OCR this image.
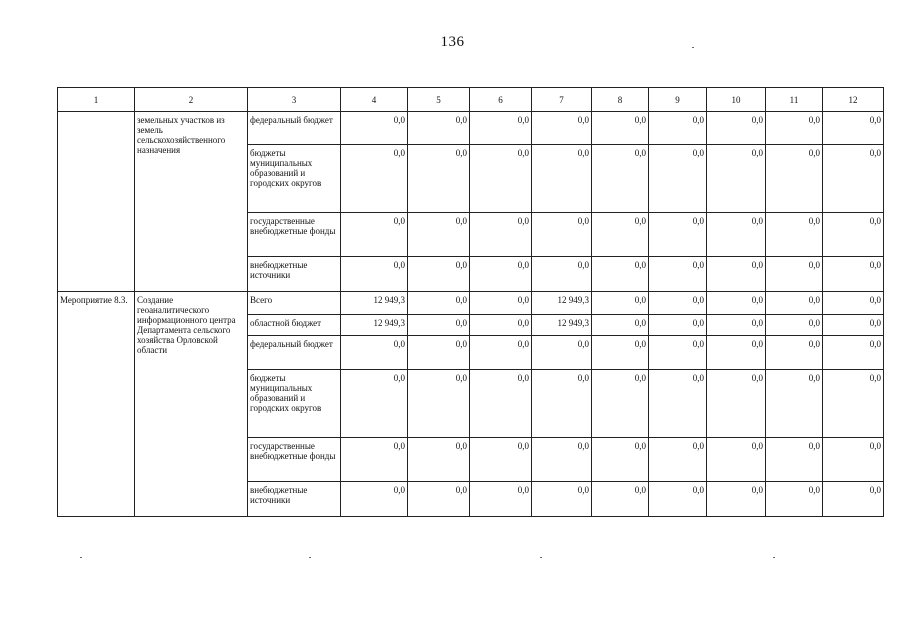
136
1	2	3	4	5	6	7	8	9	10	11	12
	земельных участков из земель сельскохозяйственного назначения	федеральный бюджет	0,0	0,0	0,0	0,0	0,0	0,0	0,0	0,0	0,0
		бюджеты муниципальных образований и городских округов	0,0	0,0	0,0	0,0	0,0	0,0	0,0	0,0	0,0
		государственные внебюджетные фонды	0,0	0,0	0,0	0,0	0,0	0,0	0,0	0,0	0,0
		внебюджетные источники	0,0	0,0	0,0	0,0	0,0	0,0	0,0	0,0	0,0
Мероприятие 8.3.	Создание геоаналитического информационного центра Департамента сельского хозяйства Орловской области	Всего	12 949,3	0,0	0,0	12 949,3	0,0	0,0	0,0	0,0	0,0
		областной бюджет	12 949,3	0,0	0,0	12 949,3	0,0	0,0	0,0	0,0	0,0
		федеральный бюджет	0,0	0,0	0,0	0,0	0,0	0,0	0,0	0,0	0,0
		бюджеты муниципальных образований и городских округов	0,0	0,0	0,0	0,0	0,0	0,0	0,0	0,0	0,0
		государственные внебюджетные фонды	0,0	0,0	0,0	0,0	0,0	0,0	0,0	0,0	0,0
		внебюджетные источники	0,0	0,0	0,0	0,0	0,0	0,0	0,0	0,0	0,0
